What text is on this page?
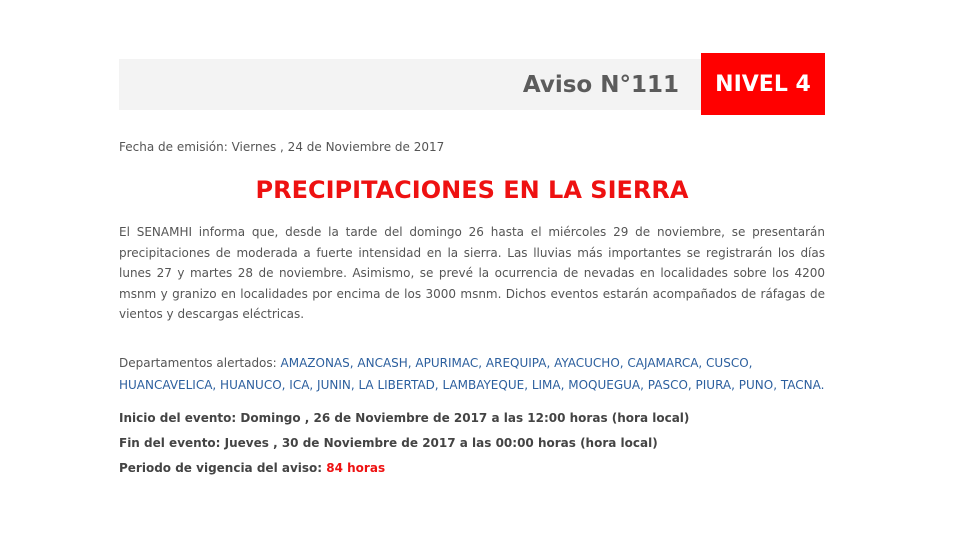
Aviso N°111	NIVEL 4
Fecha de emisión: Viernes , 24 de Noviembre de 2017
PRECIPITACIONES EN LA SIERRA
El SENAMHI informa que, desde la tarde del domingo 26 hasta el miércoles 29 de noviembre, se presentarán precipitaciones de moderada a fuerte intensidad en la sierra. Las lluvias más importantes se registrarán los días lunes 27 y martes 28 de noviembre. Asimismo, se prevé la ocurrencia de nevadas en localidades sobre los 4200 msnm y granizo en localidades por encima de los 3000 msnm. Dichos eventos estarán acompañados de ráfagas de vientos y descargas eléctricas.
Departamentos alertados: AMAZONAS, ANCASH, APURIMAC, AREQUIPA, AYACUCHO, CAJAMARCA, CUSCO, HUANCAVELICA, HUANUCO, ICA, JUNIN, LA LIBERTAD, LAMBAYEQUE, LIMA, MOQUEGUA, PASCO, PIURA, PUNO, TACNA.
Inicio del evento: Domingo , 26 de Noviembre de 2017 a las 12:00 horas (hora local)
Fin del evento: Jueves , 30 de Noviembre de 2017 a las 00:00 horas (hora local)
Periodo de vigencia del aviso: 84 horas
